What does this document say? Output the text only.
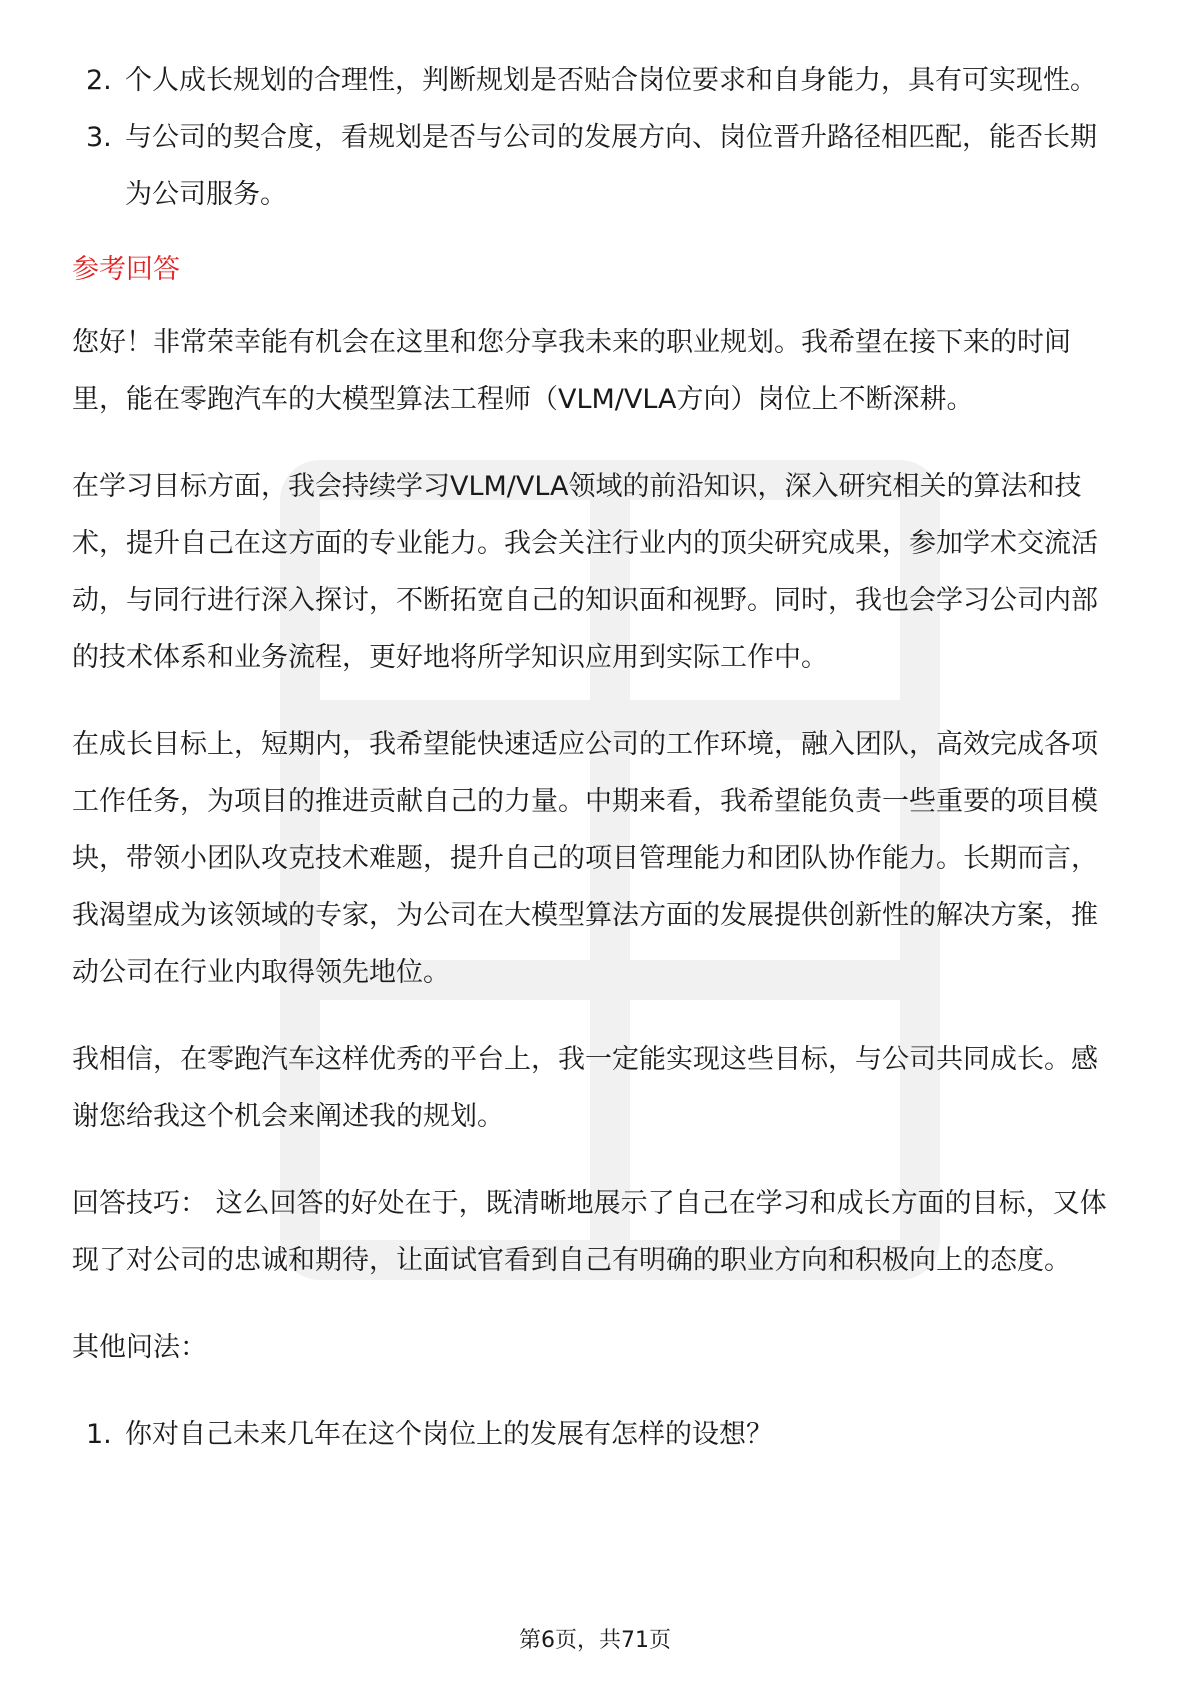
2. 个人成长规划的合理性，判断规划是否贴合岗位要求和自身能力，具有可实现性。
3. 与公司的契合度，看规划是否与公司的发展方向、岗位晋升路径相匹配，能否长期为公司服务。
参考回答

您好！非常荣幸能有机会在这里和您分享我未来的职业规划。我希望在接下来的时间里，能在零跑汽车的大模型算法工程师（VLM/VLA方向）岗位上不断深耕。

在学习目标方面，我会持续学习VLM/VLA领域的前沿知识，深入研究相关的算法和技术，提升自己在这方面的专业能力。我会关注行业内的顶尖研究成果，参加学术交流活动，与同行进行深入探讨，不断拓宽自己的知识面和视野。同时，我也会学习公司内部的技术体系和业务流程，更好地将所学知识应用到实际工作中。

在成长目标上，短期内，我希望能快速适应公司的工作环境，融入团队，高效完成各项工作任务，为项目的推进贡献自己的力量。中期来看，我希望能负责一些重要的项目模块，带领小团队攻克技术难题，提升自己的项目管理能力和团队协作能力。长期而言，我渴望成为该领域的专家，为公司在大模型算法方面的发展提供创新性的解决方案，推动公司在行业内取得领先地位。

我相信，在零跑汽车这样优秀的平台上，我一定能实现这些目标，与公司共同成长。感谢您给我这个机会来阐述我的规划。

回答技巧： 这么回答的好处在于，既清晰地展示了自己在学习和成长方面的目标，又体现了对公司的忠诚和期待，让面试官看到自己有明确的职业方向和积极向上的态度。

其他问法：

1. 你对自己未来几年在这个岗位上的发展有怎样的设想？
第6页，共71页
